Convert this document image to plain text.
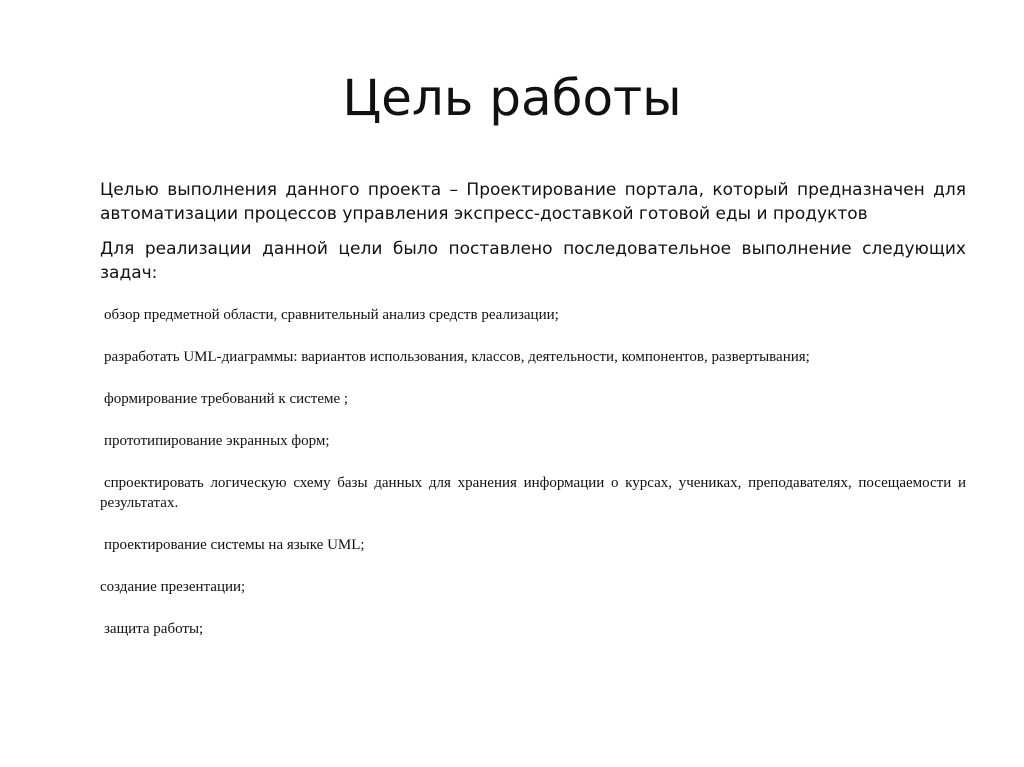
Цель работы

Целью выполнения данного проекта – Проектирование портала, который предназначен для автоматизации процессов управления экспресс-доставкой готовой еды и продуктов

Для реализации данной цели было поставлено последовательное выполнение следующих задач:

обзор предметной области, сравнительный анализ средств реализации;

разработать UML-диаграммы: вариантов использования, классов, деятельности, компонентов, развертывания;

формирование требований к системе ;

прототипирование экранных форм;

спроектировать логическую схему базы данных для хранения информации о курсах, учениках, преподавателях, посещаемости и результатах.

проектирование системы на языке UML;

создание презентации;

защита работы;
